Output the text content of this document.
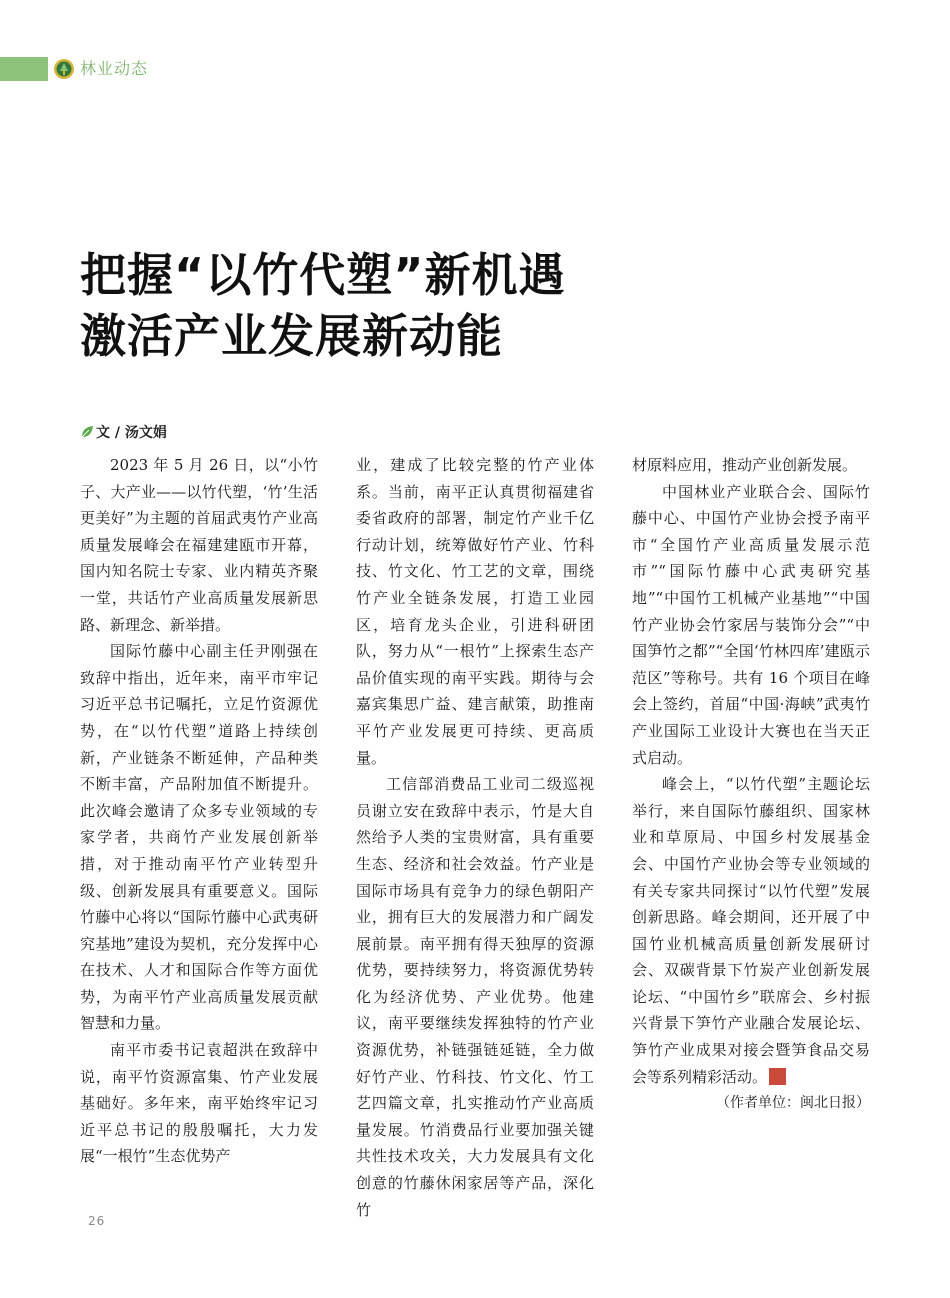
林业动态
把握“以竹代塑”新机遇
激活产业发展新动能
文 / 汤文娟

2023 年 5 月 26 日，以“小竹子、大产业——以竹代塑，‘竹’生活更美好”为主题的首届武夷竹产业高质量发展峰会在福建建瓯市开幕，国内知名院士专家、业内精英齐聚一堂，共话竹产业高质量发展新思路、新理念、新举措。

国际竹藤中心副主任尹刚强在致辞中指出，近年来，南平市牢记习近平总书记嘱托，立足竹资源优势，在“以竹代塑”道路上持续创新，产业链条不断延伸，产品种类不断丰富，产品附加值不断提升。此次峰会邀请了众多专业领域的专家学者，共商竹产业发展创新举措，对于推动南平竹产业转型升级、创新发展具有重要意义。国际竹藤中心将以“国际竹藤中心武夷研究基地”建设为契机，充分发挥中心在技术、人才和国际合作等方面优势，为南平竹产业高质量发展贡献智慧和力量。

南平市委书记袁超洪在致辞中说，南平竹资源富集、竹产业发展基础好。多年来，南平始终牢记习近平总书记的殷殷嘱托，大力发展“一根竹”生态优势产

业，建成了比较完整的竹产业体系。当前，南平正认真贯彻福建省委省政府的部署，制定竹产业千亿行动计划，统筹做好竹产业、竹科技、竹文化、竹工艺的文章，围绕竹产业全链条发展，打造工业园区，培育龙头企业，引进科研团队，努力从“一根竹”上探索生态产品价值实现的南平实践。期待与会嘉宾集思广益、建言献策，助推南平竹产业发展更可持续、更高质量。

工信部消费品工业司二级巡视员谢立安在致辞中表示，竹是大自然给予人类的宝贵财富，具有重要生态、经济和社会效益。竹产业是国际市场具有竞争力的绿色朝阳产业，拥有巨大的发展潜力和广阔发展前景。南平拥有得天独厚的资源优势，要持续努力，将资源优势转化为经济优势、产业优势。他建议，南平要继续发挥独特的竹产业资源优势，补链强链延链，全力做好竹产业、竹科技、竹文化、竹工艺四篇文章，扎实推动竹产业高质量发展。竹消费品行业要加强关键共性技术攻关，大力发展具有文化创意的竹藤休闲家居等产品，深化竹

材原料应用，推动产业创新发展。

中国林业产业联合会、国际竹藤中心、中国竹产业协会授予南平市“全国竹产业高质量发展示范市”“国际竹藤中心武夷研究基地”“中国竹工机械产业基地”“中国竹产业协会竹家居与装饰分会”“中国笋竹之都”“全国‘竹林四库’建瓯示范区”等称号。共有 16 个项目在峰会上签约，首届“中国·海峡”武夷竹产业国际工业设计大赛也在当天正式启动。

峰会上，“以竹代塑”主题论坛举行，来自国际竹藤组织、国家林业和草原局、中国乡村发展基金会、中国竹产业协会等专业领域的有关专家共同探讨“以竹代塑”发展创新思路。峰会期间，还开展了中国竹业机械高质量创新发展研讨会、双碳背景下竹炭产业创新发展论坛、“中国竹乡”联席会、乡村振兴背景下笋竹产业融合发展论坛、笋竹产业成果对接会暨笋食品交易会等系列精彩活动。

（作者单位：闽北日报）

26
